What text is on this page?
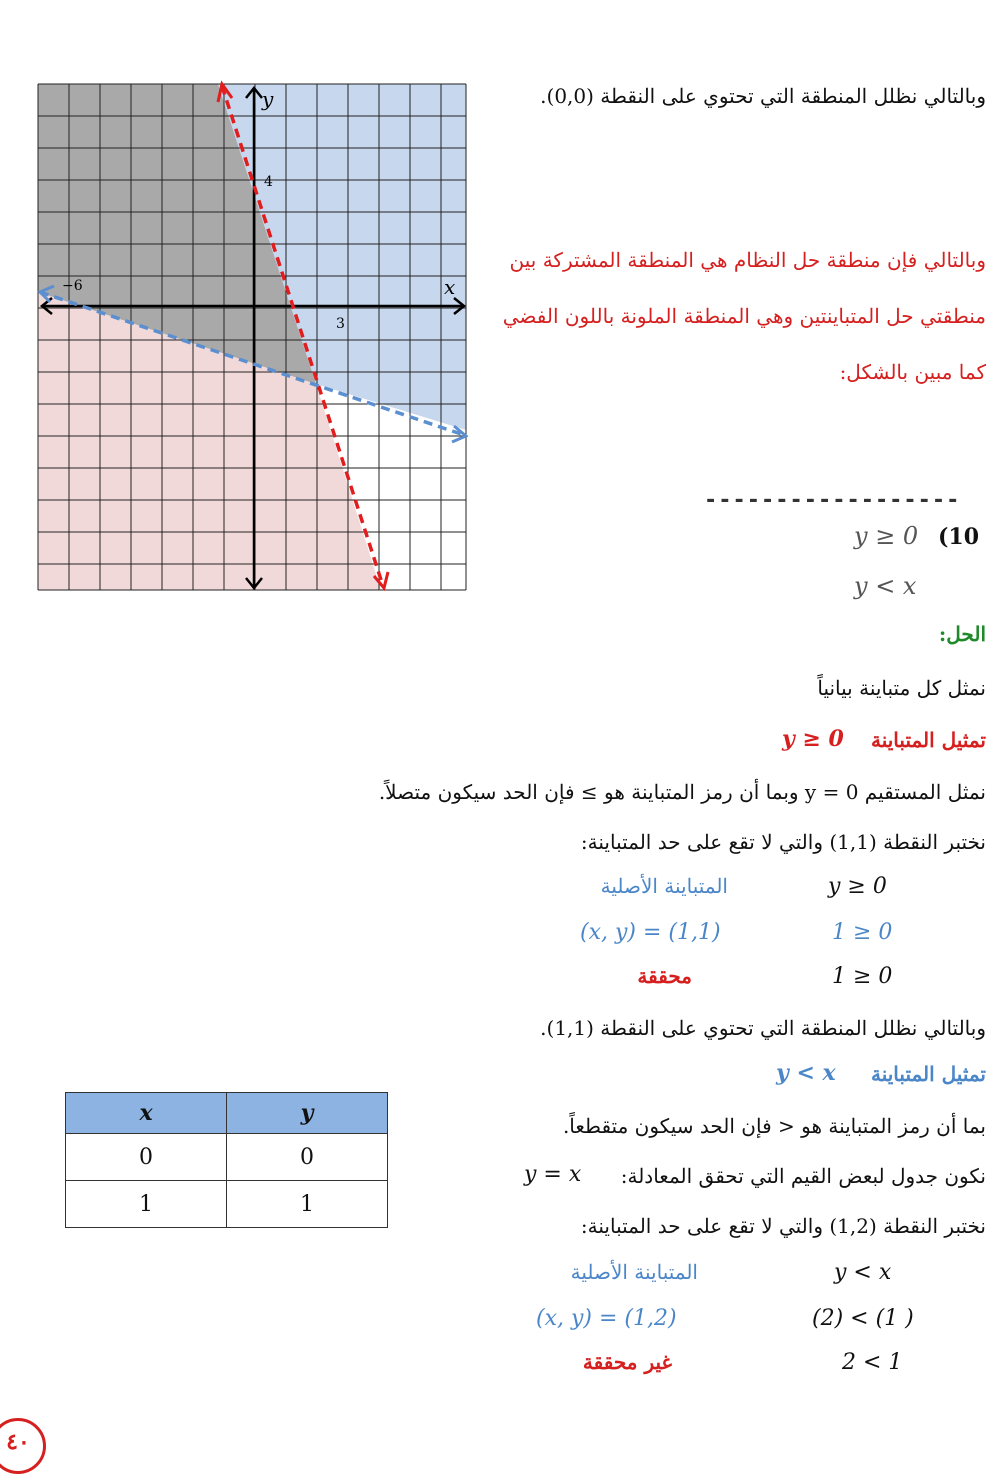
x
y
4
3
−6
وبالتالي نظلل المنطقة التي تحتوي على النقطة (0,0).
وبالتالي فإن منطقة حل النظام هي المنطقة المشتركة بين
منطقتي حل المتباينتين وهي المنطقة الملونة باللون الفضي
كما مبين بالشكل:
------------------
(10
y ≥ 0
y < x
الحل:
نمثل كل متباينة بيانياً
تمثيل المتباينة
y ≥ 0
نمثل المستقيم y = 0 وبما أن رمز المتباينة هو ≥ فإن الحد سيكون متصلاً.
نختبر النقطة (1,1) والتي لا تقع على حد المتباينة:
y ≥ 0
المتباينة الأصلية
1 ≥ 0
(x, y) = (1,1)
1 ≥ 0
محققة
وبالتالي نظلل المنطقة التي تحتوي على النقطة (1,1).
تمثيل المتباينة
y < x
بما أن رمز المتباينة هو < فإن الحد سيكون متقطعاً.
نكون جدول لبعض القيم التي تحقق المعادلة:
y = x
نختبر النقطة (1,2) والتي لا تقع على حد المتباينة:
y < x
المتباينة الأصلية
(2) < (1 )
(x, y) = (1,2)
2 < 1
غير محققة
x	y
0	0
1	1
٤٠
